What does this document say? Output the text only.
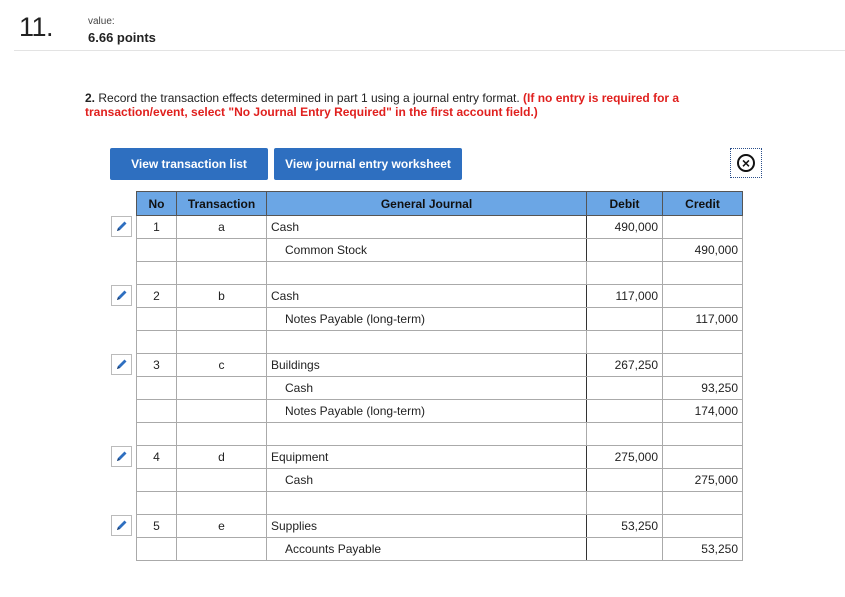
11.	value:
6.66 points
2. Record the transaction effects determined in part 1 using a journal entry format. (If no entry is required for a transaction/event, select "No Journal Entry Required" in the first account field.)
View transaction list	View journal entry worksheet	×
No	Transaction	General Journal	Debit	Credit
1	a	Cash	490,000	
		Common Stock		490,000

2	b	Cash	117,000	
		Notes Payable (long-term)		117,000

3	c	Buildings	267,250	
		Cash		93,250
		Notes Payable (long-term)		174,000

4	d	Equipment	275,000	
		Cash		275,000

5	e	Supplies	53,250	
		Accounts Payable		53,250
